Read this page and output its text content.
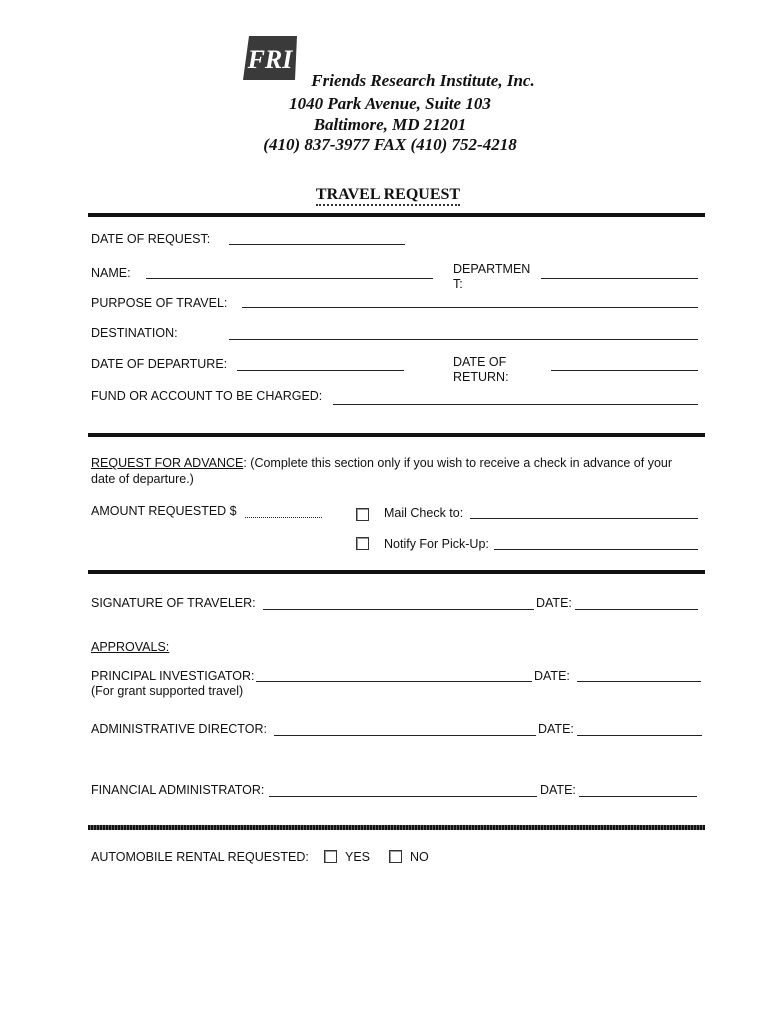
FRI
Friends Research Institute, Inc.
1040 Park Avenue, Suite 103
Baltimore, MD 21201
(410) 837-3977 FAX (410) 752-4218
TRAVEL REQUEST
DATE OF REQUEST:
NAME:	DEPARTMEN
T:
PURPOSE OF TRAVEL:
DESTINATION:
DATE OF DEPARTURE:	DATE OF
RETURN:
FUND OR ACCOUNT TO BE CHARGED:
REQUEST FOR ADVANCE: (Complete this section only if you wish to receive a check in advance of your
date of departure.)
AMOUNT REQUESTED $	Mail Check to:
Notify For Pick-Up:
SIGNATURE OF TRAVELER:	DATE:
APPROVALS:
PRINCIPAL INVESTIGATOR:	DATE:
(For grant supported travel)
ADMINISTRATIVE DIRECTOR:	DATE:
FINANCIAL ADMINISTRATOR:	DATE:
AUTOMOBILE RENTAL REQUESTED:	YES	NO
